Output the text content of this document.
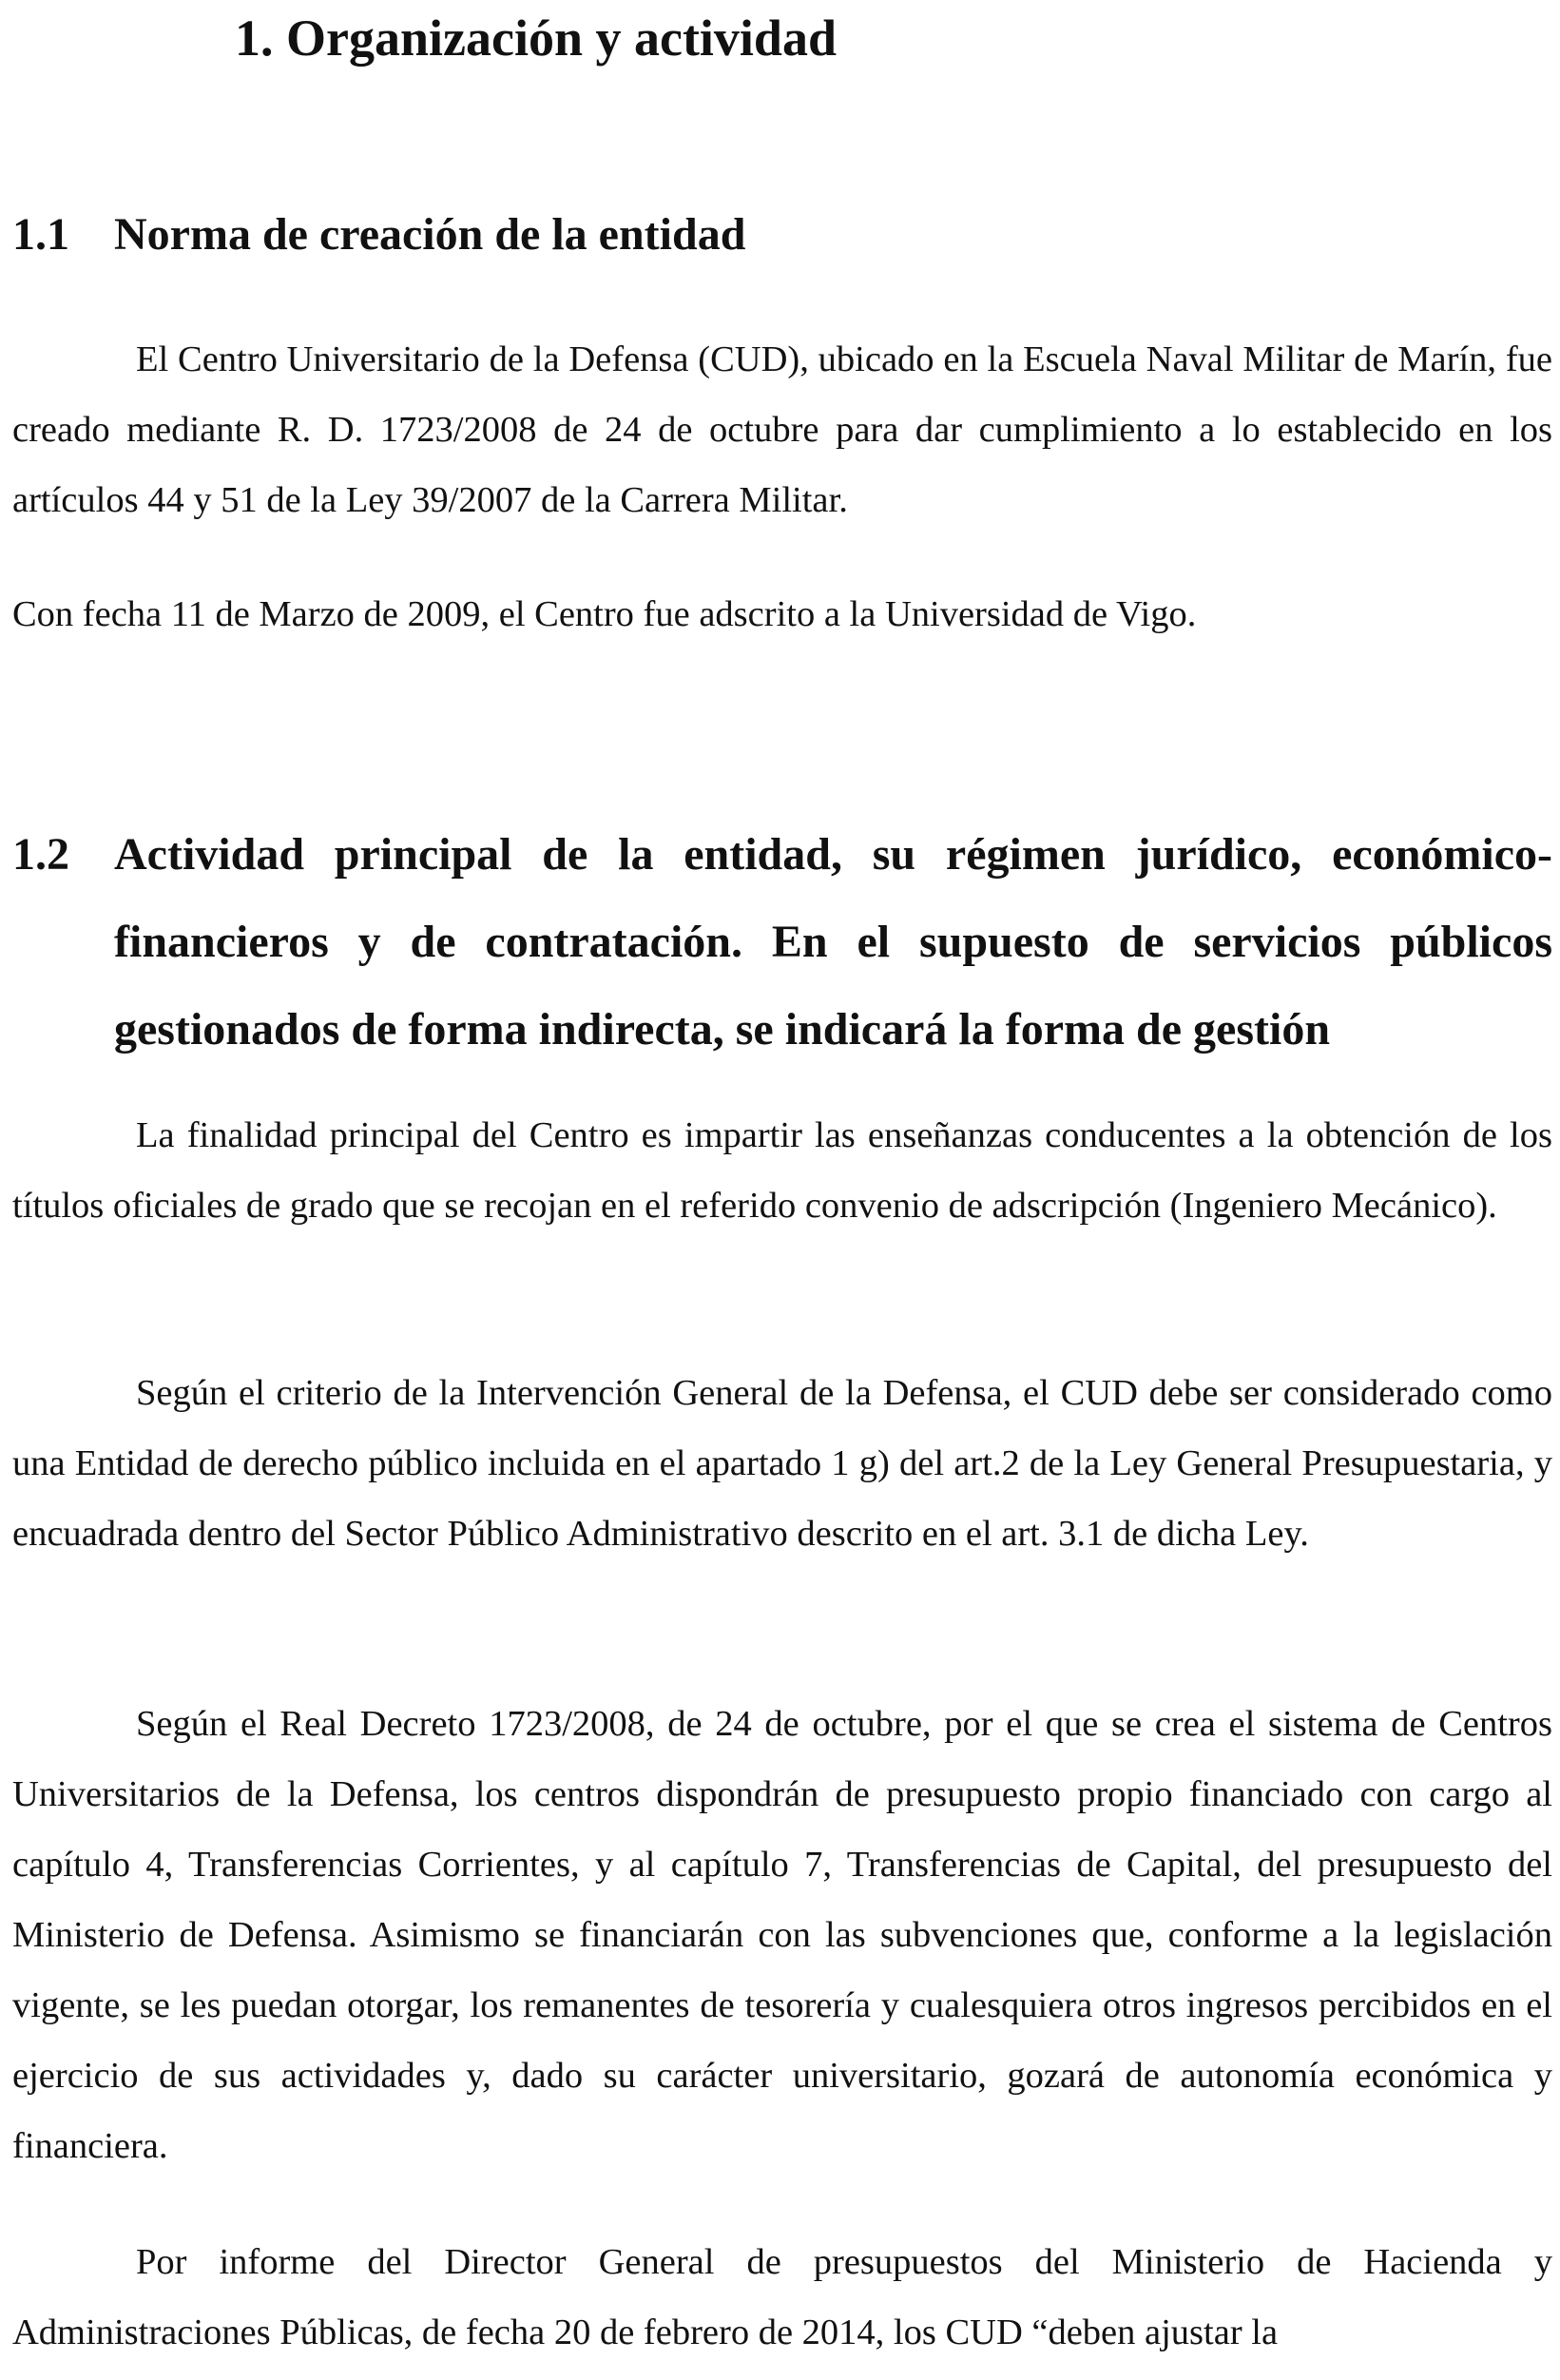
1. Organización y actividad
1.1 Norma de creación de la entidad

El Centro Universitario de la Defensa (CUD), ubicado en la Escuela Naval Militar de Marín, fue creado mediante R. D. 1723/2008 de 24 de octubre para dar cumplimiento a lo establecido en los artículos 44 y 51 de la Ley 39/2007 de la Carrera Militar.

Con fecha 11 de Marzo de 2009, el Centro fue adscrito a la Universidad de Vigo.

1.2 Actividad principal de la entidad, su régimen jurídico, económico-financieros y de contratación. En el supuesto de servicios públicos gestionados de forma indirecta, se indicará la forma de gestión

La finalidad principal del Centro es impartir las enseñanzas conducentes a la obtención de los títulos oficiales de grado que se recojan en el referido convenio de adscripción (Ingeniero Mecánico).

Según el criterio de la Intervención General de la Defensa, el CUD debe ser considerado como una Entidad de derecho público incluida en el apartado 1 g) del art.2 de la Ley General Presupuestaria, y encuadrada dentro del Sector Público Administrativo descrito en el art. 3.1 de dicha Ley.

Según el Real Decreto 1723/2008, de 24 de octubre, por el que se crea el sistema de Centros Universitarios de la Defensa, los centros dispondrán de presupuesto propio financiado con cargo al capítulo 4, Transferencias Corrientes, y al capítulo 7, Transferencias de Capital, del presupuesto del Ministerio de Defensa. Asimismo se financiarán con las subvenciones que, conforme a la legislación vigente, se les puedan otorgar, los remanentes de tesorería y cualesquiera otros ingresos percibidos en el ejercicio de sus actividades y, dado su carácter universitario, gozará de autonomía económica y financiera.

Por informe del Director General de presupuestos del Ministerio de Hacienda y Administraciones Públicas, de fecha 20 de febrero de 2014, los CUD “deben ajustar la
